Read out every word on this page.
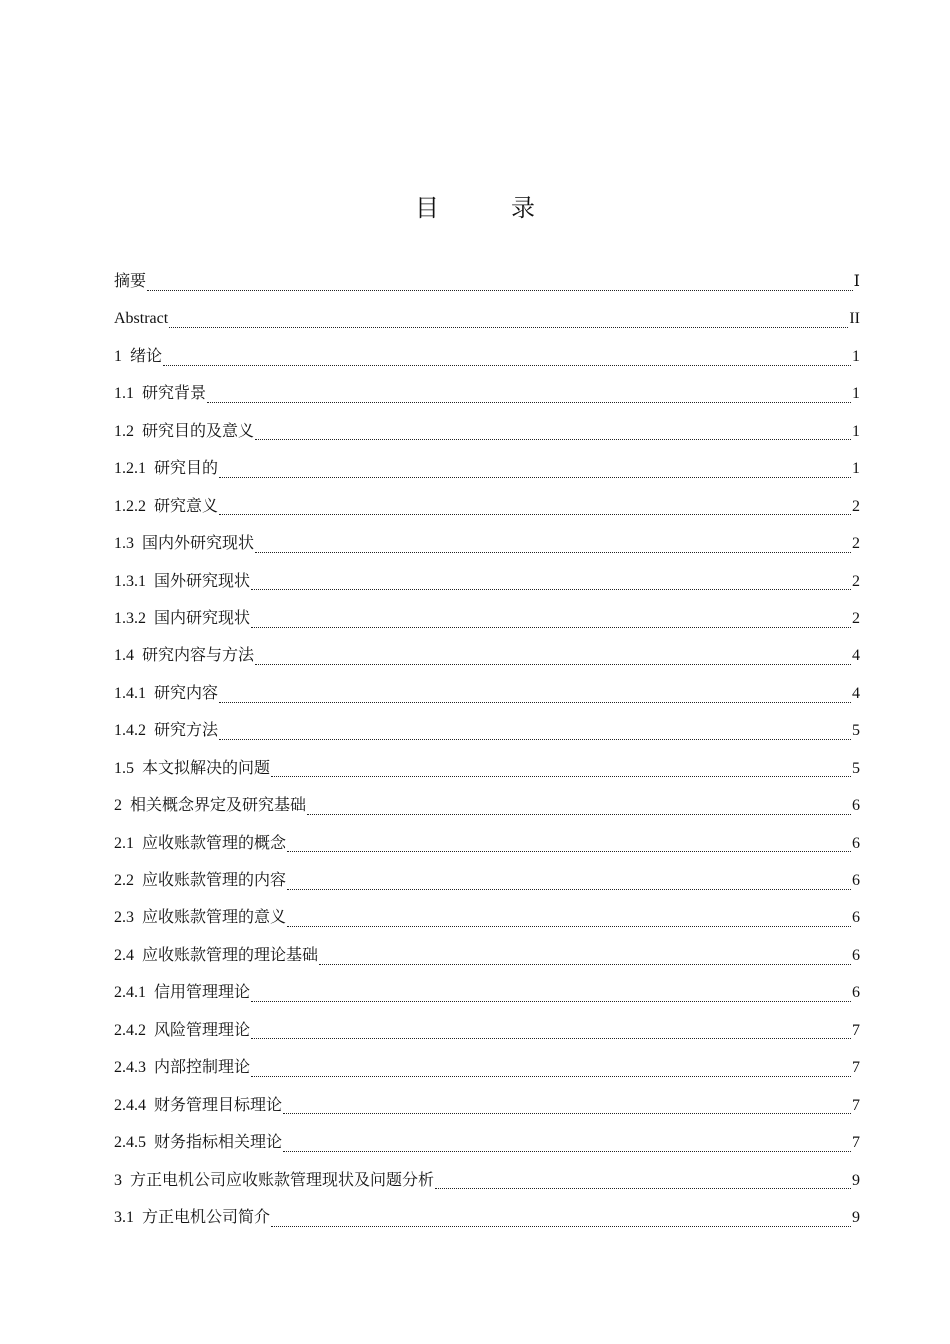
目　录
摘要	Ⅰ
Abstract	II
1 绪论	1
1.1 研究背景	1
1.2 研究目的及意义	1
1.2.1 研究目的	1
1.2.2 研究意义	2
1.3 国内外研究现状	2
1.3.1 国外研究现状	2
1.3.2 国内研究现状	2
1.4 研究内容与方法	4
1.4.1 研究内容	4
1.4.2 研究方法	5
1.5 本文拟解决的问题	5
2 相关概念界定及研究基础	6
2.1 应收账款管理的概念	6
2.2 应收账款管理的内容	6
2.3 应收账款管理的意义	6
2.4 应收账款管理的理论基础	6
2.4.1 信用管理理论	6
2.4.2 风险管理理论	7
2.4.3 内部控制理论	7
2.4.4 财务管理目标理论	7
2.4.5 财务指标相关理论	7
3 方正电机公司应收账款管理现状及问题分析	9
3.1 方正电机公司简介	9
